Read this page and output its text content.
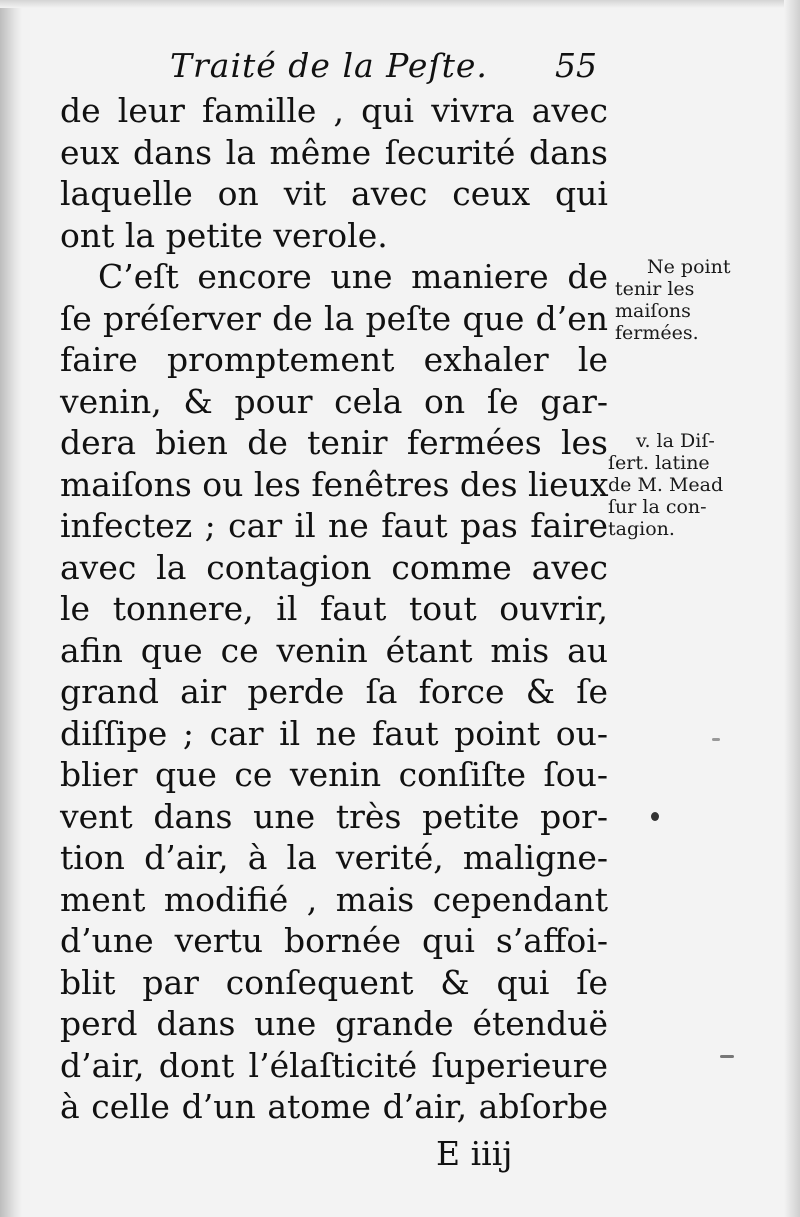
Traité de la Peſte. 55
de leur famille , qui vivra avec
eux dans la même ſecurité dans
laquelle on vit avec ceux qui
ont la petite verole.
C’eſt encore une maniere de
ſe préſerver de la peſte que d’en
faire promptement exhaler le
venin, & pour cela on ſe gar-
dera bien de tenir fermées les
maiſons ou les fenêtres des lieux
infectez ; car il ne faut pas faire
avec la contagion comme avec
le tonnere, il faut tout ouvrir,
afin que ce venin étant mis au
grand air perde ſa force & ſe
diſſipe ; car il ne faut point ou-
blier que ce venin conſiſte ſou-
vent dans une très petite por-
tion d’air, à la verité, maligne-
ment modifié , mais cependant
d’une vertu bornée qui s’affoi-
blit par conſequent & qui ſe
perd dans une grande étenduë
d’air, dont l’élaſticité ſuperieure
à celle d’un atome d’air, abſorbe
E iiij
Ne point
tenir les
maiſons
fermées.
v. la Diſ-
ſert. latine
de M. Mead
ſur la con-
tagion.
